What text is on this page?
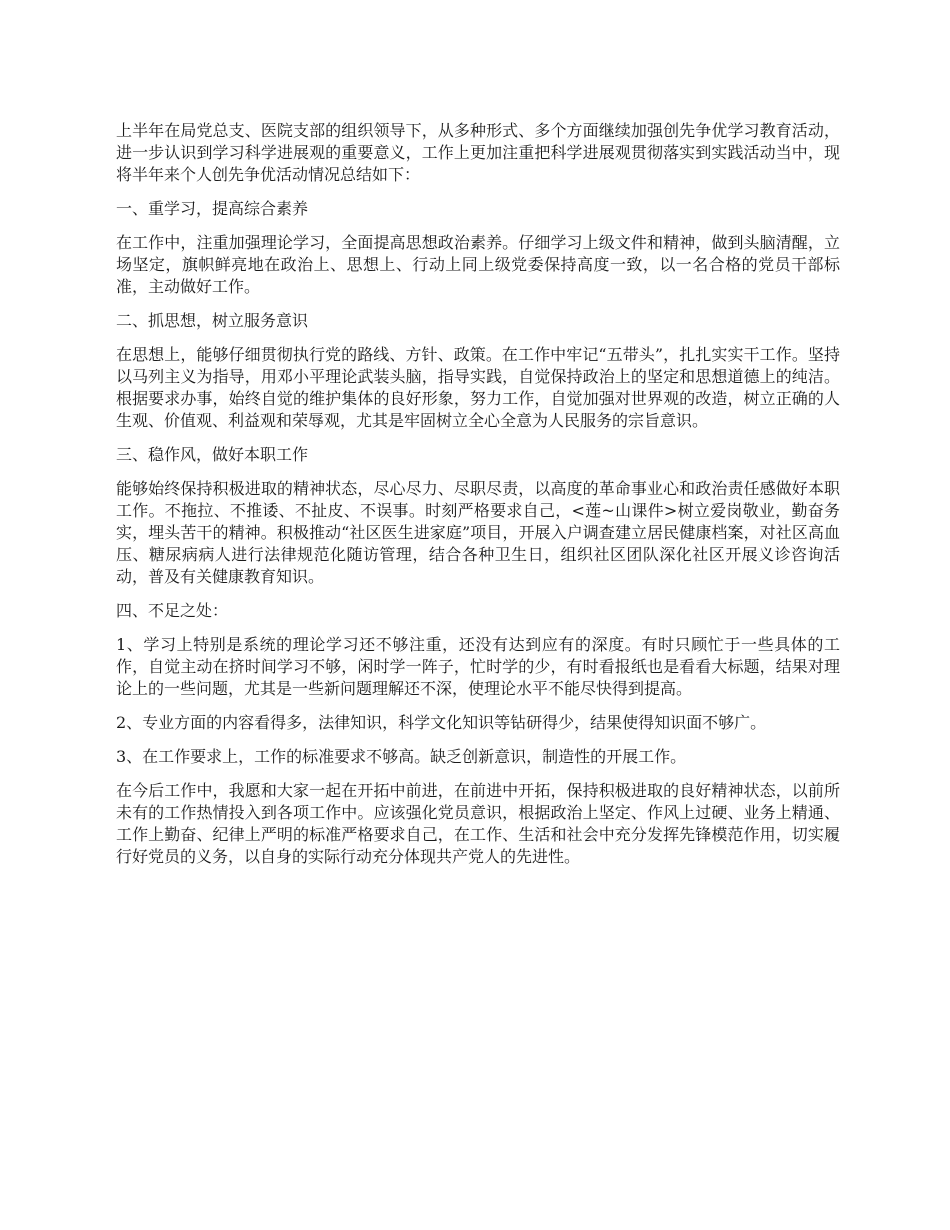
上半年在局党总支、医院支部的组织领导下，从多种形式、多个方面继续加强创先争优学习教育活动，进一步认识到学习科学进展观的重要意义，工作上更加注重把科学进展观贯彻落实到实践活动当中，现将半年来个人创先争优活动情况总结如下：

一、重学习，提高综合素养

在工作中，注重加强理论学习，全面提高思想政治素养。仔细学习上级文件和精神，做到头脑清醒，立场坚定，旗帜鲜亮地在政治上、思想上、行动上同上级党委保持高度一致，以一名合格的党员干部标准，主动做好工作。

二、抓思想，树立服务意识

在思想上，能够仔细贯彻执行党的路线、方针、政策。在工作中牢记“五带头”，扎扎实实干工作。坚持以马列主义为指导，用邓小平理论武装头脑，指导实践，自觉保持政治上的坚定和思想道德上的纯洁。根据要求办事，始终自觉的维护集体的良好形象，努力工作，自觉加强对世界观的改造，树立正确的人生观、价值观、利益观和荣辱观，尤其是牢固树立全心全意为人民服务的宗旨意识。

三、稳作风，做好本职工作

能够始终保持积极进取的精神状态，尽心尽力、尽职尽责，以高度的革命事业心和政治责任感做好本职工作。不拖拉、不推诿、不扯皮、不误事。时刻严格要求自己，<莲~山课件>树立爱岗敬业，勤奋务实，埋头苦干的精神。积极推动“社区医生进家庭”项目，开展入户调查建立居民健康档案，对社区高血压、糖尿病病人进行法律规范化随访管理，结合各种卫生日，组织社区团队深化社区开展义诊咨询活动，普及有关健康教育知识。

四、不足之处：

1、学习上特别是系统的理论学习还不够注重，还没有达到应有的深度。有时只顾忙于一些具体的工作，自觉主动在挤时间学习不够，闲时学一阵子，忙时学的少，有时看报纸也是看看大标题，结果对理论上的一些问题，尤其是一些新问题理解还不深，使理论水平不能尽快得到提高。

2、专业方面的内容看得多，法律知识，科学文化知识等钻研得少，结果使得知识面不够广。

3、在工作要求上，工作的标准要求不够高。缺乏创新意识，制造性的开展工作。

在今后工作中，我愿和大家一起在开拓中前进，在前进中开拓，保持积极进取的良好精神状态，以前所未有的工作热情投入到各项工作中。应该强化党员意识，根据政治上坚定、作风上过硬、业务上精通、工作上勤奋、纪律上严明的标准严格要求自己，在工作、生活和社会中充分发挥先锋模范作用，切实履行好党员的义务，以自身的实际行动充分体现共产党人的先进性。
